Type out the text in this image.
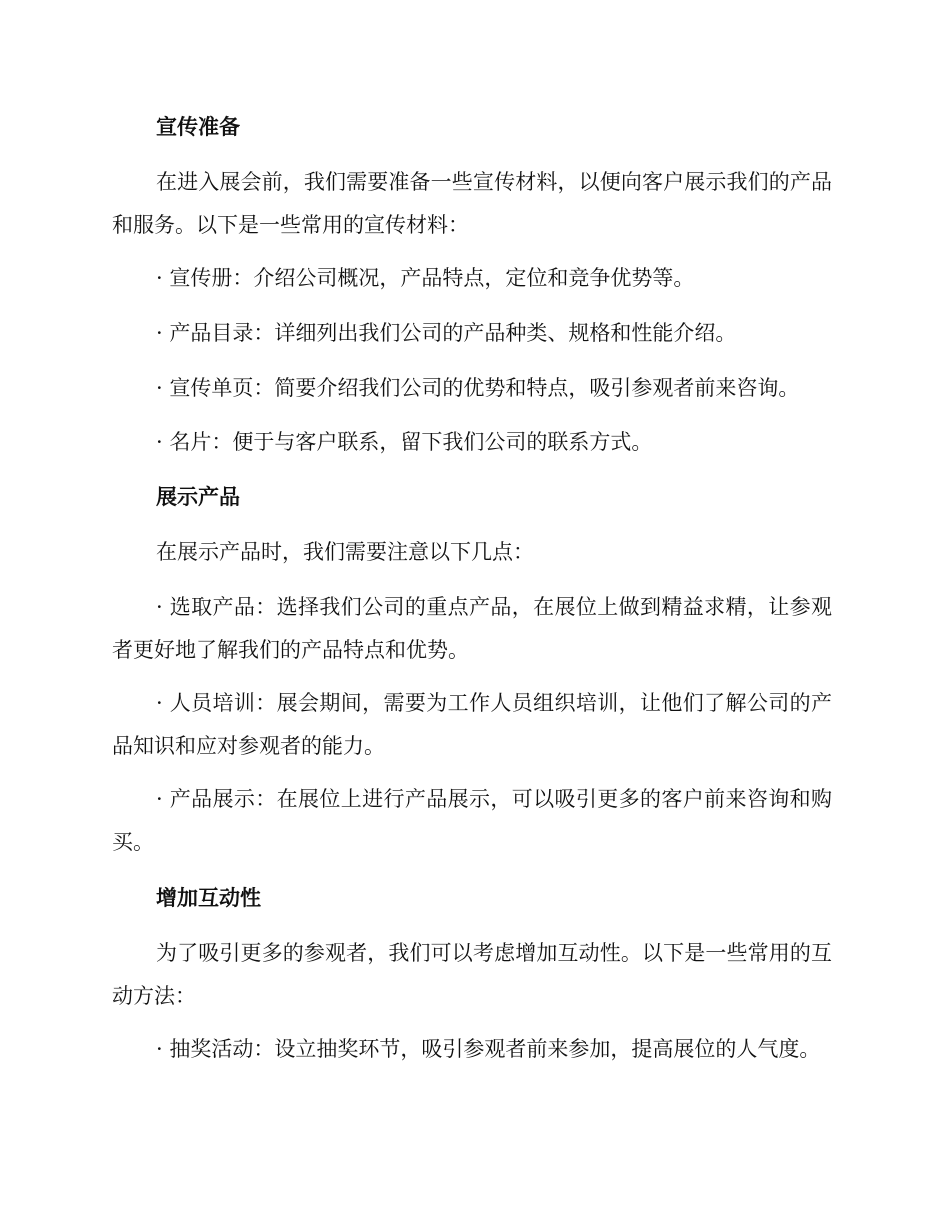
宣传准备

在进入展会前，我们需要准备一些宣传材料，以便向客户展示我们的产品和服务。以下是一些常用的宣传材料：

· 宣传册：介绍公司概况，产品特点，定位和竞争优势等。

· 产品目录：详细列出我们公司的产品种类、规格和性能介绍。

· 宣传单页：简要介绍我们公司的优势和特点，吸引参观者前来咨询。

· 名片：便于与客户联系，留下我们公司的联系方式。

展示产品

在展示产品时，我们需要注意以下几点：

· 选取产品：选择我们公司的重点产品，在展位上做到精益求精，让参观者更好地了解我们的产品特点和优势。

· 人员培训：展会期间，需要为工作人员组织培训，让他们了解公司的产品知识和应对参观者的能力。

· 产品展示：在展位上进行产品展示，可以吸引更多的客户前来咨询和购买。

增加互动性

为了吸引更多的参观者，我们可以考虑增加互动性。以下是一些常用的互动方法：

· 抽奖活动：设立抽奖环节，吸引参观者前来参加，提高展位的人气度。
